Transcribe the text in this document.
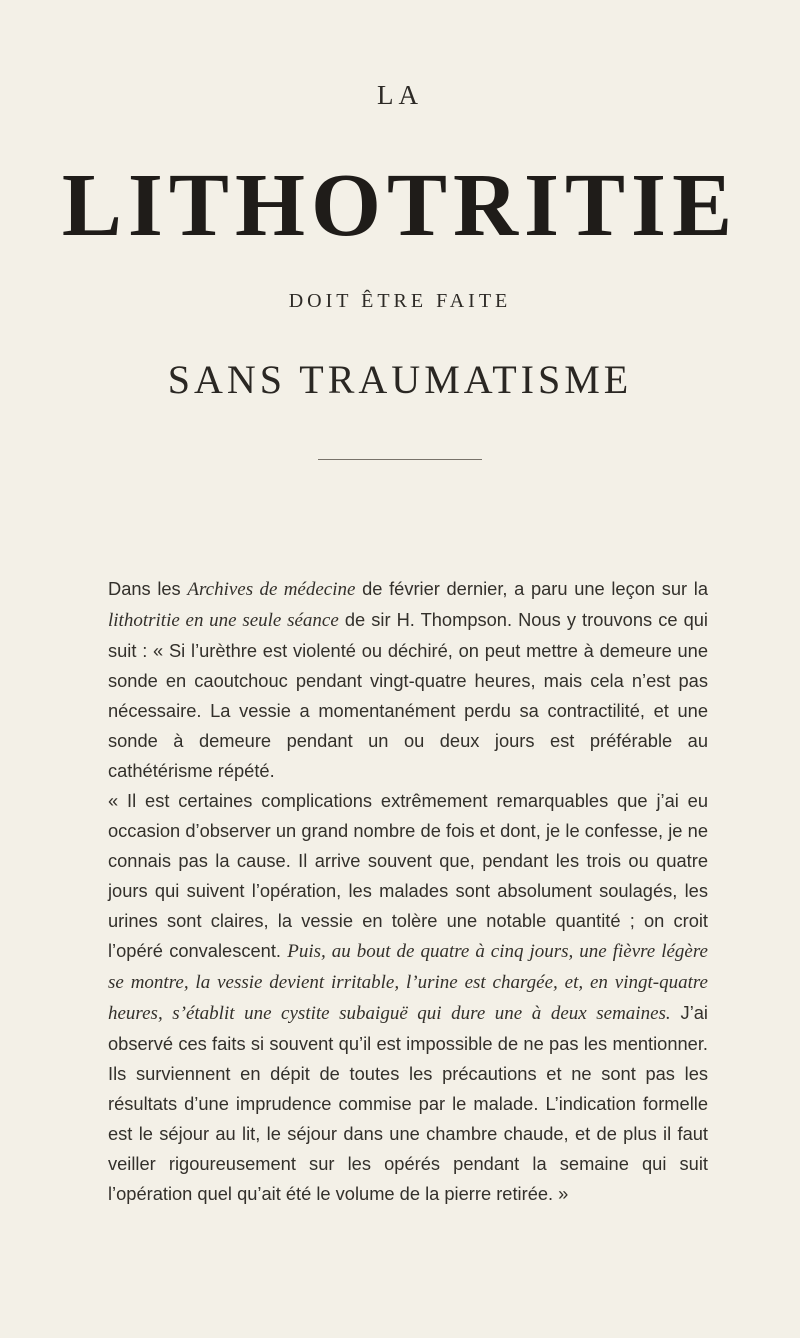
LA
LITHOTRITIE
DOIT ÊTRE FAITE
SANS TRAUMATISME

Dans les Archives de médecine de février dernier, a paru une leçon sur la lithotritie en une seule séance de sir H. Thompson. Nous y trouvons ce qui suit : « Si l’urèthre est violenté ou déchiré, on peut mettre à demeure une sonde en caoutchouc pendant vingt-quatre heures, mais cela n’est pas nécessaire. La vessie a momentanément perdu sa contractilité, et une sonde à demeure pendant un ou deux jours est préférable au cathétérisme répété.

« Il est certaines complications extrêmement remarquables que j’ai eu occasion d’observer un grand nombre de fois et dont, je le confesse, je ne connais pas la cause. Il arrive souvent que, pendant les trois ou quatre jours qui suivent l’opération, les malades sont absolument soulagés, les urines sont claires, la vessie en tolère une notable quantité ; on croit l’opéré convalescent. Puis, au bout de quatre à cinq jours, une fièvre légère se montre, la vessie devient irritable, l’urine est chargée, et, en vingt-quatre heures, s’établit une cystite subaiguë qui dure une à deux semaines. J’ai observé ces faits si souvent qu’il est impossible de ne pas les mentionner. Ils surviennent en dépit de toutes les précautions et ne sont pas les résultats d’une imprudence commise par le malade. L’indication formelle est le séjour au lit, le séjour dans une chambre chaude, et de plus il faut veiller rigoureusement sur les opérés pendant la semaine qui suit l’opération quel qu’ait été le volume de la pierre retirée. »
